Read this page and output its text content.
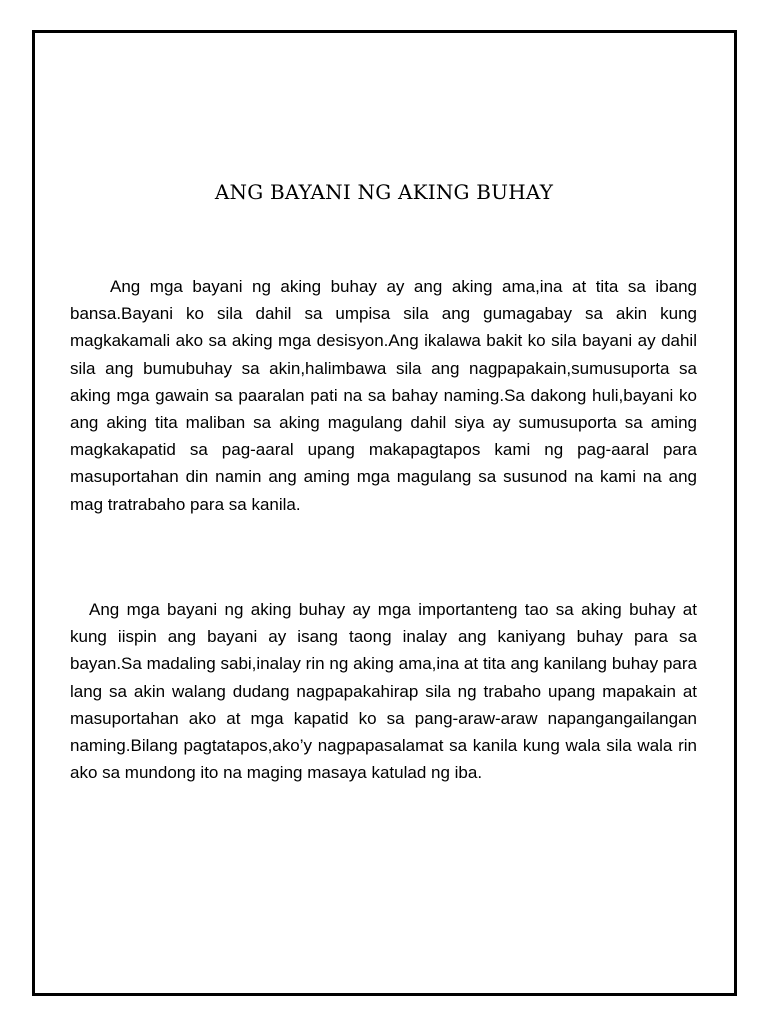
ANG BAYANI NG AKING BUHAY

Ang mga bayani ng aking buhay ay ang aking ama,ina at tita sa ibang bansa.Bayani ko sila dahil sa umpisa sila ang gumagabay sa akin kung magkakamali ako sa aking mga desisyon.Ang ikalawa bakit ko sila bayani ay dahil sila ang bumubuhay sa akin,halimbawa sila ang nagpapakain,sumusuporta sa aking mga gawain sa paaralan pati na sa bahay naming.Sa dakong huli,bayani ko ang aking tita maliban sa aking magulang dahil siya ay sumusuporta sa aming magkakapatid sa pag-aaral upang makapagtapos kami ng pag-aaral para masuportahan din namin ang aming mga magulang sa susunod na kami na ang mag tratrabaho para sa kanila.

Ang mga bayani ng aking buhay ay mga importanteng tao sa aking buhay at kung iispin ang bayani ay isang taong inalay ang kaniyang buhay para sa bayan.Sa madaling sabi,inalay rin ng aking ama,ina at tita ang kanilang buhay para lang sa akin walang dudang nagpapakahirap sila ng trabaho upang mapakain at masuportahan ako at mga kapatid ko sa pang-araw-araw napangangailangan naming.Bilang pagtatapos,ako’y nagpapasalamat sa kanila kung wala sila wala rin ako sa mundong ito na maging masaya katulad ng iba.
